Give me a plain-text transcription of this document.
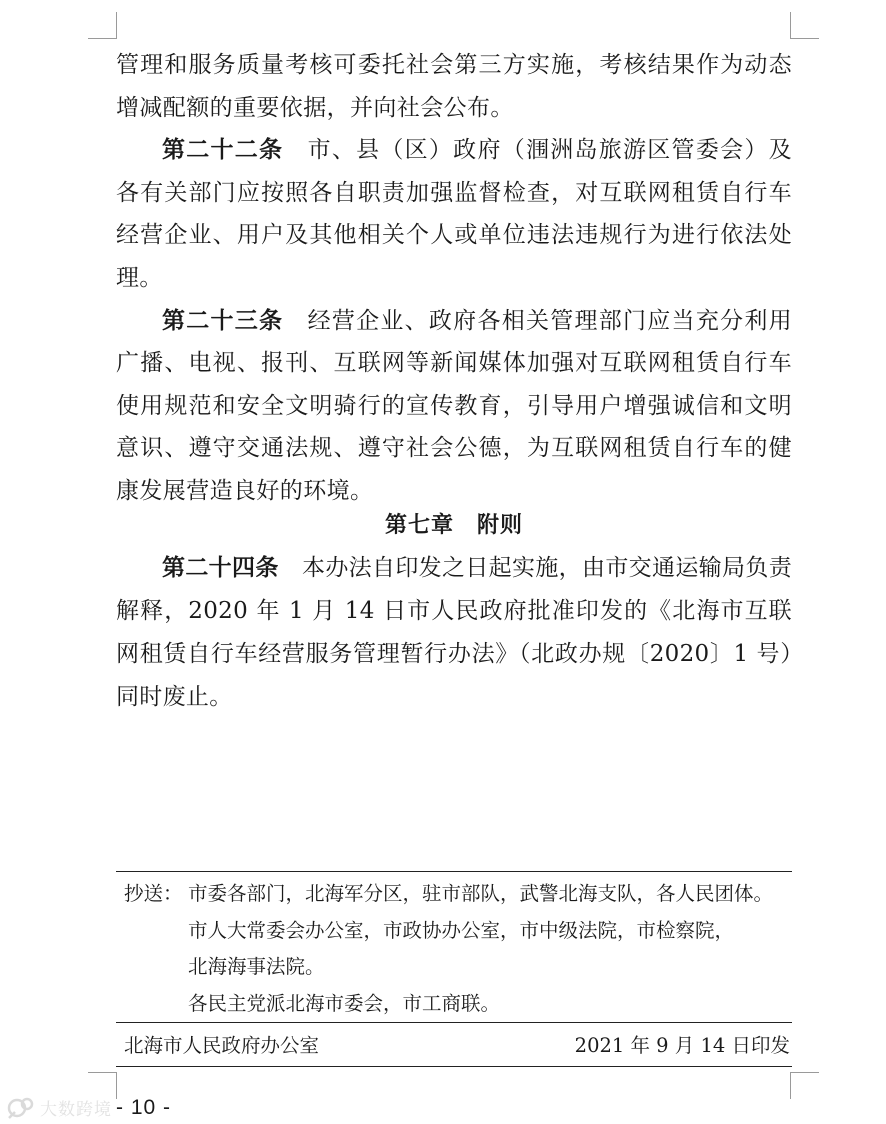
管理和服务质量考核可委托社会第三方实施，考核结果作为动态增减配额的重要依据，并向社会公布。

第二十二条　 市、县（区）政府（涠洲岛旅游区管委会）及各有关部门应按照各自职责加强监督检查，对互联网租赁自行车经营企业、用户及其他相关个人或单位违法违规行为进行依法处理。

第二十三条　 经营企业、政府各相关管理部门应当充分利用广播、电视、报刊、互联网等新闻媒体加强对互联网租赁自行车使用规范和安全文明骑行的宣传教育，引导用户增强诚信和文明意识、遵守交通法规、遵守社会公德，为互联网租赁自行车的健康发展营造良好的环境。

第七章　附则

第二十四条　 本办法自印发之日起实施，由市交通运输局负责解释，2020 年 1 月 14 日市人民政府批准印发的《北海市互联网租赁自行车经营服务管理暂行办法》（北政办规〔2020〕1 号）同时废止。

抄送： 市委各部门，北海军分区，驻市部队，武警北海支队，各人民团体。
市人大常委会办公室，市政协办公室，市中级法院，市检察院，
北海海事法院。
各民主党派北海市委会，市工商联。
北海市人民政府办公室	2021 年 9 月 14 日印发
大数跨境 - 10 -
